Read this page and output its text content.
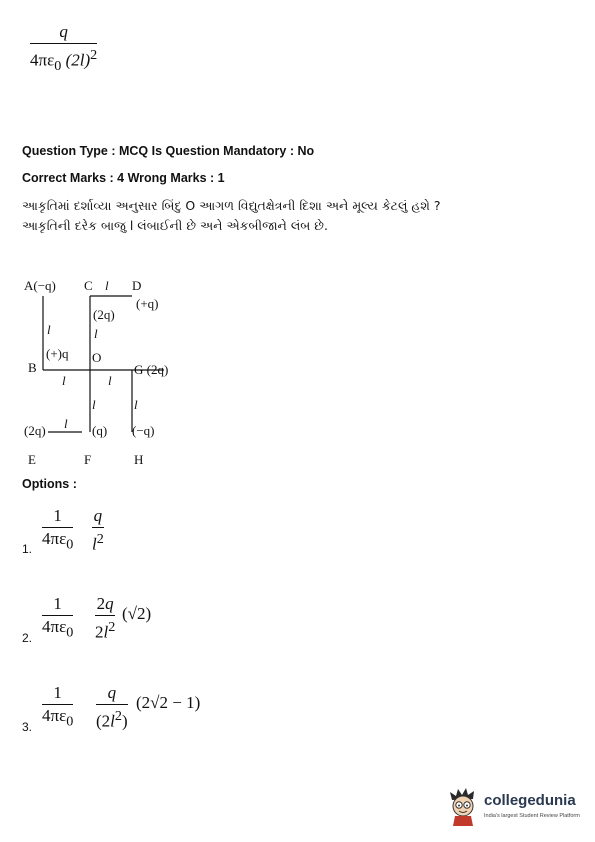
q
$4\pi\varepsilon_0$ $(2l)^2$
Question Type : MCQ Is Question Mandatory : No
Correct Marks : 4 Wrong Marks : 1
આકૃતિમાં દર્શાવ્યા અનુસાર બિંદુ O આગળ વિદ્યુતક્ષેત્રની દિશા અને મૂલ્ય કેટલું હશે ? આકૃતિની દરેક બાજુ l લંબાઈની છે અને એકબીજાને લંબ છે.
A(−q) C l D
(+q)
(2q)
l	l
(+)q O
B	G (2q)
l	l
l	l
(2q) l (q) (−q)
E	F	H
Options :
1.
1
$4\pi\varepsilon_0$
q
$l^2$
2.
1
$4\pi\varepsilon_0$
2q
$2l^2$
(√2)
3.
1
$4\pi\varepsilon_0$
q
$(2l^2)$
(2√2 − 1)
collegedunia
India's largest Student Review Platform
